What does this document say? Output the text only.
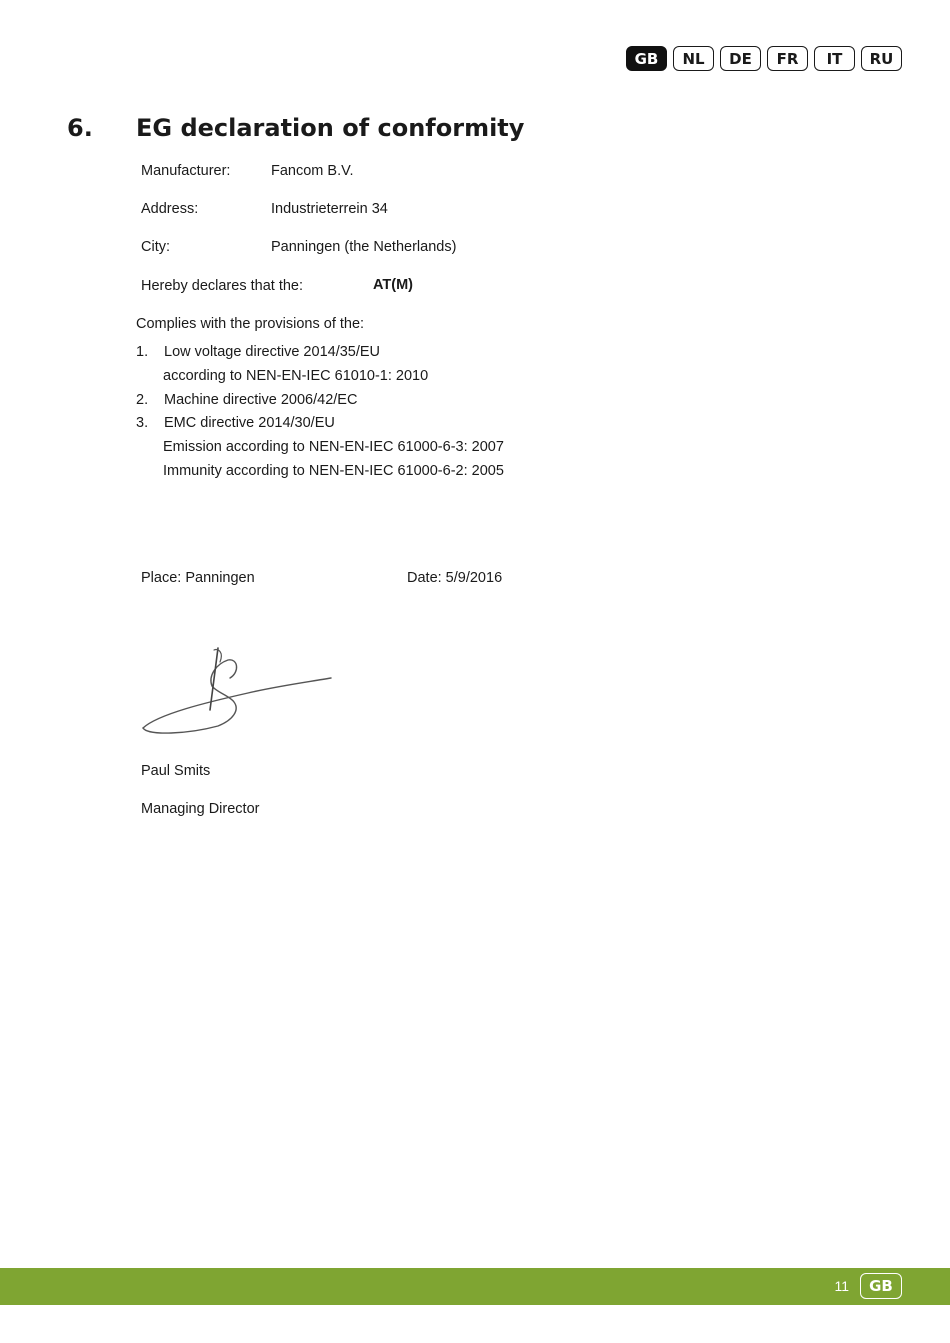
GB	NL	DE	FR	IT	RU
6. EG declaration of conformity
Manufacturer:	Fancom B.V.
Address:	Industrieterrein 34
City:	Panningen (the Netherlands)
Hereby declares that the:	AT(M)
Complies with the provisions of the:
1. Low voltage directive 2014/35/EU
according to NEN-EN-IEC 61010-1: 2010
2. Machine directive 2006/42/EC
3. EMC directive 2014/30/EU
Emission according to NEN-EN-IEC 61000-6-3: 2007
Immunity according to NEN-EN-IEC 61000-6-2: 2005
Place: Panningen	Date: 5/9/2016
Paul Smits
Managing Director
11	GB
